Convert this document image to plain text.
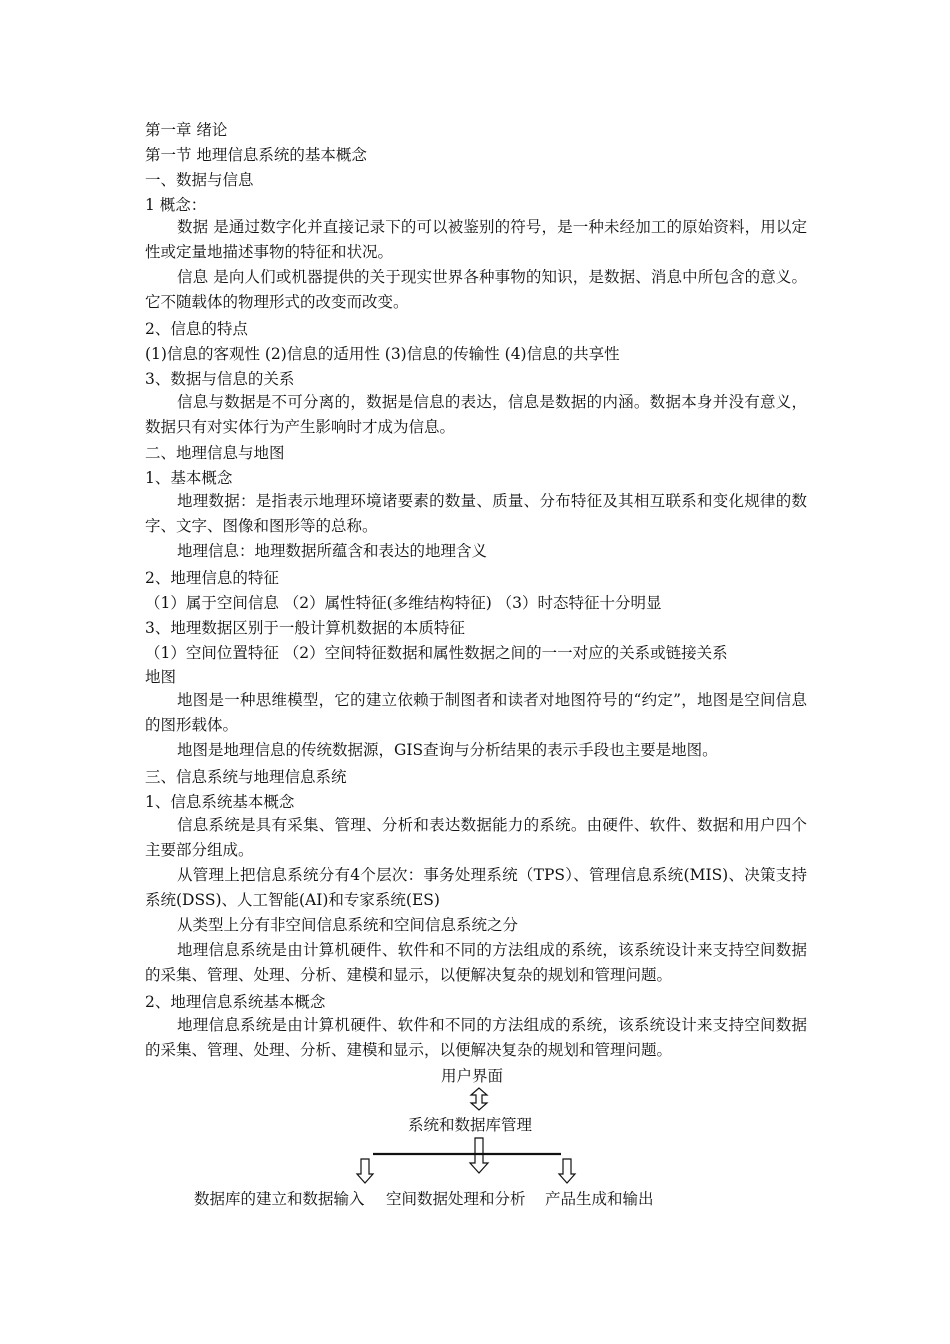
第一章 绪论
第一节 地理信息系统的基本概念
一、数据与信息
1 概念：
数据 是通过数字化并直接记录下的可以被鉴别的符号，是一种未经加工的原始资料，用以定性或定量地描述事物的特征和状况。
信息 是向人们或机器提供的关于现实世界各种事物的知识，是数据、消息中所包含的意义。它不随载体的物理形式的改变而改变。
2、信息的特点
(1)信息的客观性 (2)信息的适用性 (3)信息的传输性 (4)信息的共享性
3、数据与信息的关系
信息与数据是不可分离的，数据是信息的表达，信息是数据的内涵。数据本身并没有意义，数据只有对实体行为产生影响时才成为信息。
二、地理信息与地图
1、基本概念
地理数据：是指表示地理环境诸要素的数量、质量、分布特征及其相互联系和变化规律的数字、文字、图像和图形等的总称。
地理信息：地理数据所蕴含和表达的地理含义
2、地理信息的特征
（1）属于空间信息 （2）属性特征(多维结构特征) （3）时态特征十分明显
3、地理数据区别于一般计算机数据的本质特征
（1）空间位置特征 （2）空间特征数据和属性数据之间的一一对应的关系或链接关系
地图
地图是一种思维模型，它的建立依赖于制图者和读者对地图符号的“约定”，地图是空间信息的图形载体。
地图是地理信息的传统数据源，GIS查询与分析结果的表示手段也主要是地图。
三、信息系统与地理信息系统
1、信息系统基本概念
信息系统是具有采集、管理、分析和表达数据能力的系统。由硬件、软件、数据和用户四个主要部分组成。
从管理上把信息系统分有4个层次：事务处理系统（TPS）、管理信息系统(MIS)、决策支持系统(DSS)、人工智能(AI)和专家系统(ES)
从类型上分有非空间信息系统和空间信息系统之分
地理信息系统是由计算机硬件、软件和不同的方法组成的系统，该系统设计来支持空间数据的采集、管理、处理、分析、建模和显示，以便解决复杂的规划和管理问题。
2、地理信息系统基本概念
地理信息系统是由计算机硬件、软件和不同的方法组成的系统，该系统设计来支持空间数据的采集、管理、处理、分析、建模和显示，以便解决复杂的规划和管理问题。
用户界面
系统和数据库管理
数据库的建立和数据输入 空间数据处理和分析 产品生成和输出
